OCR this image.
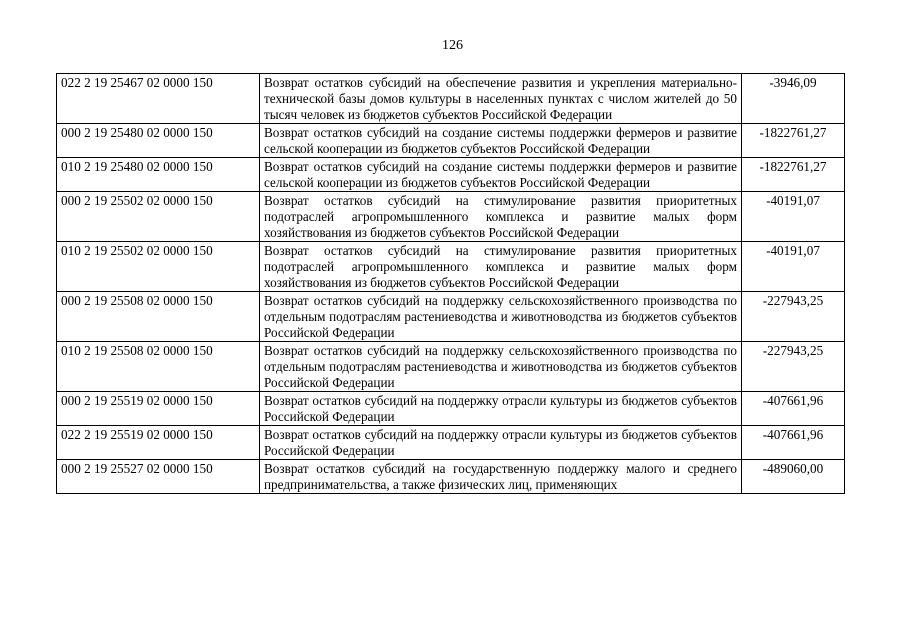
126
022 2 19 25467 02 0000 150	Возврат остатков субсидий на обеспечение развития и укрепления материально-технической базы домов культуры в населенных пунктах с числом жителей до 50 тысяч человек из бюджетов субъектов Российской Федерации	-3946,09
000 2 19 25480 02 0000 150	Возврат остатков субсидий на создание системы поддержки фермеров и развитие сельской кооперации из бюджетов субъектов Российской Федерации	-1822761,27
010 2 19 25480 02 0000 150	Возврат остатков субсидий на создание системы поддержки фермеров и развитие сельской кооперации из бюджетов субъектов Российской Федерации	-1822761,27
000 2 19 25502 02 0000 150	Возврат остатков субсидий на стимулирование развития приоритетных подотраслей агропромышленного комплекса и развитие малых форм хозяйствования из бюджетов субъектов Российской Федерации	-40191,07
010 2 19 25502 02 0000 150	Возврат остатков субсидий на стимулирование развития приоритетных подотраслей агропромышленного комплекса и развитие малых форм хозяйствования из бюджетов субъектов Российской Федерации	-40191,07
000 2 19 25508 02 0000 150	Возврат остатков субсидий на поддержку сельскохозяйственного производства по отдельным подотраслям растениеводства и животноводства из бюджетов субъектов Российской Федерации	-227943,25
010 2 19 25508 02 0000 150	Возврат остатков субсидий на поддержку сельскохозяйственного производства по отдельным подотраслям растениеводства и животноводства из бюджетов субъектов Российской Федерации	-227943,25
000 2 19 25519 02 0000 150	Возврат остатков субсидий на поддержку отрасли культуры из бюджетов субъектов Российской Федерации	-407661,96
022 2 19 25519 02 0000 150	Возврат остатков субсидий на поддержку отрасли культуры из бюджетов субъектов Российской Федерации	-407661,96

000 2 19 25527 02 0000 150	Возврат остатков субсидий на государственную поддержку малого и среднего предпринимательства, а также физических лиц, применяющих	-489060,00
